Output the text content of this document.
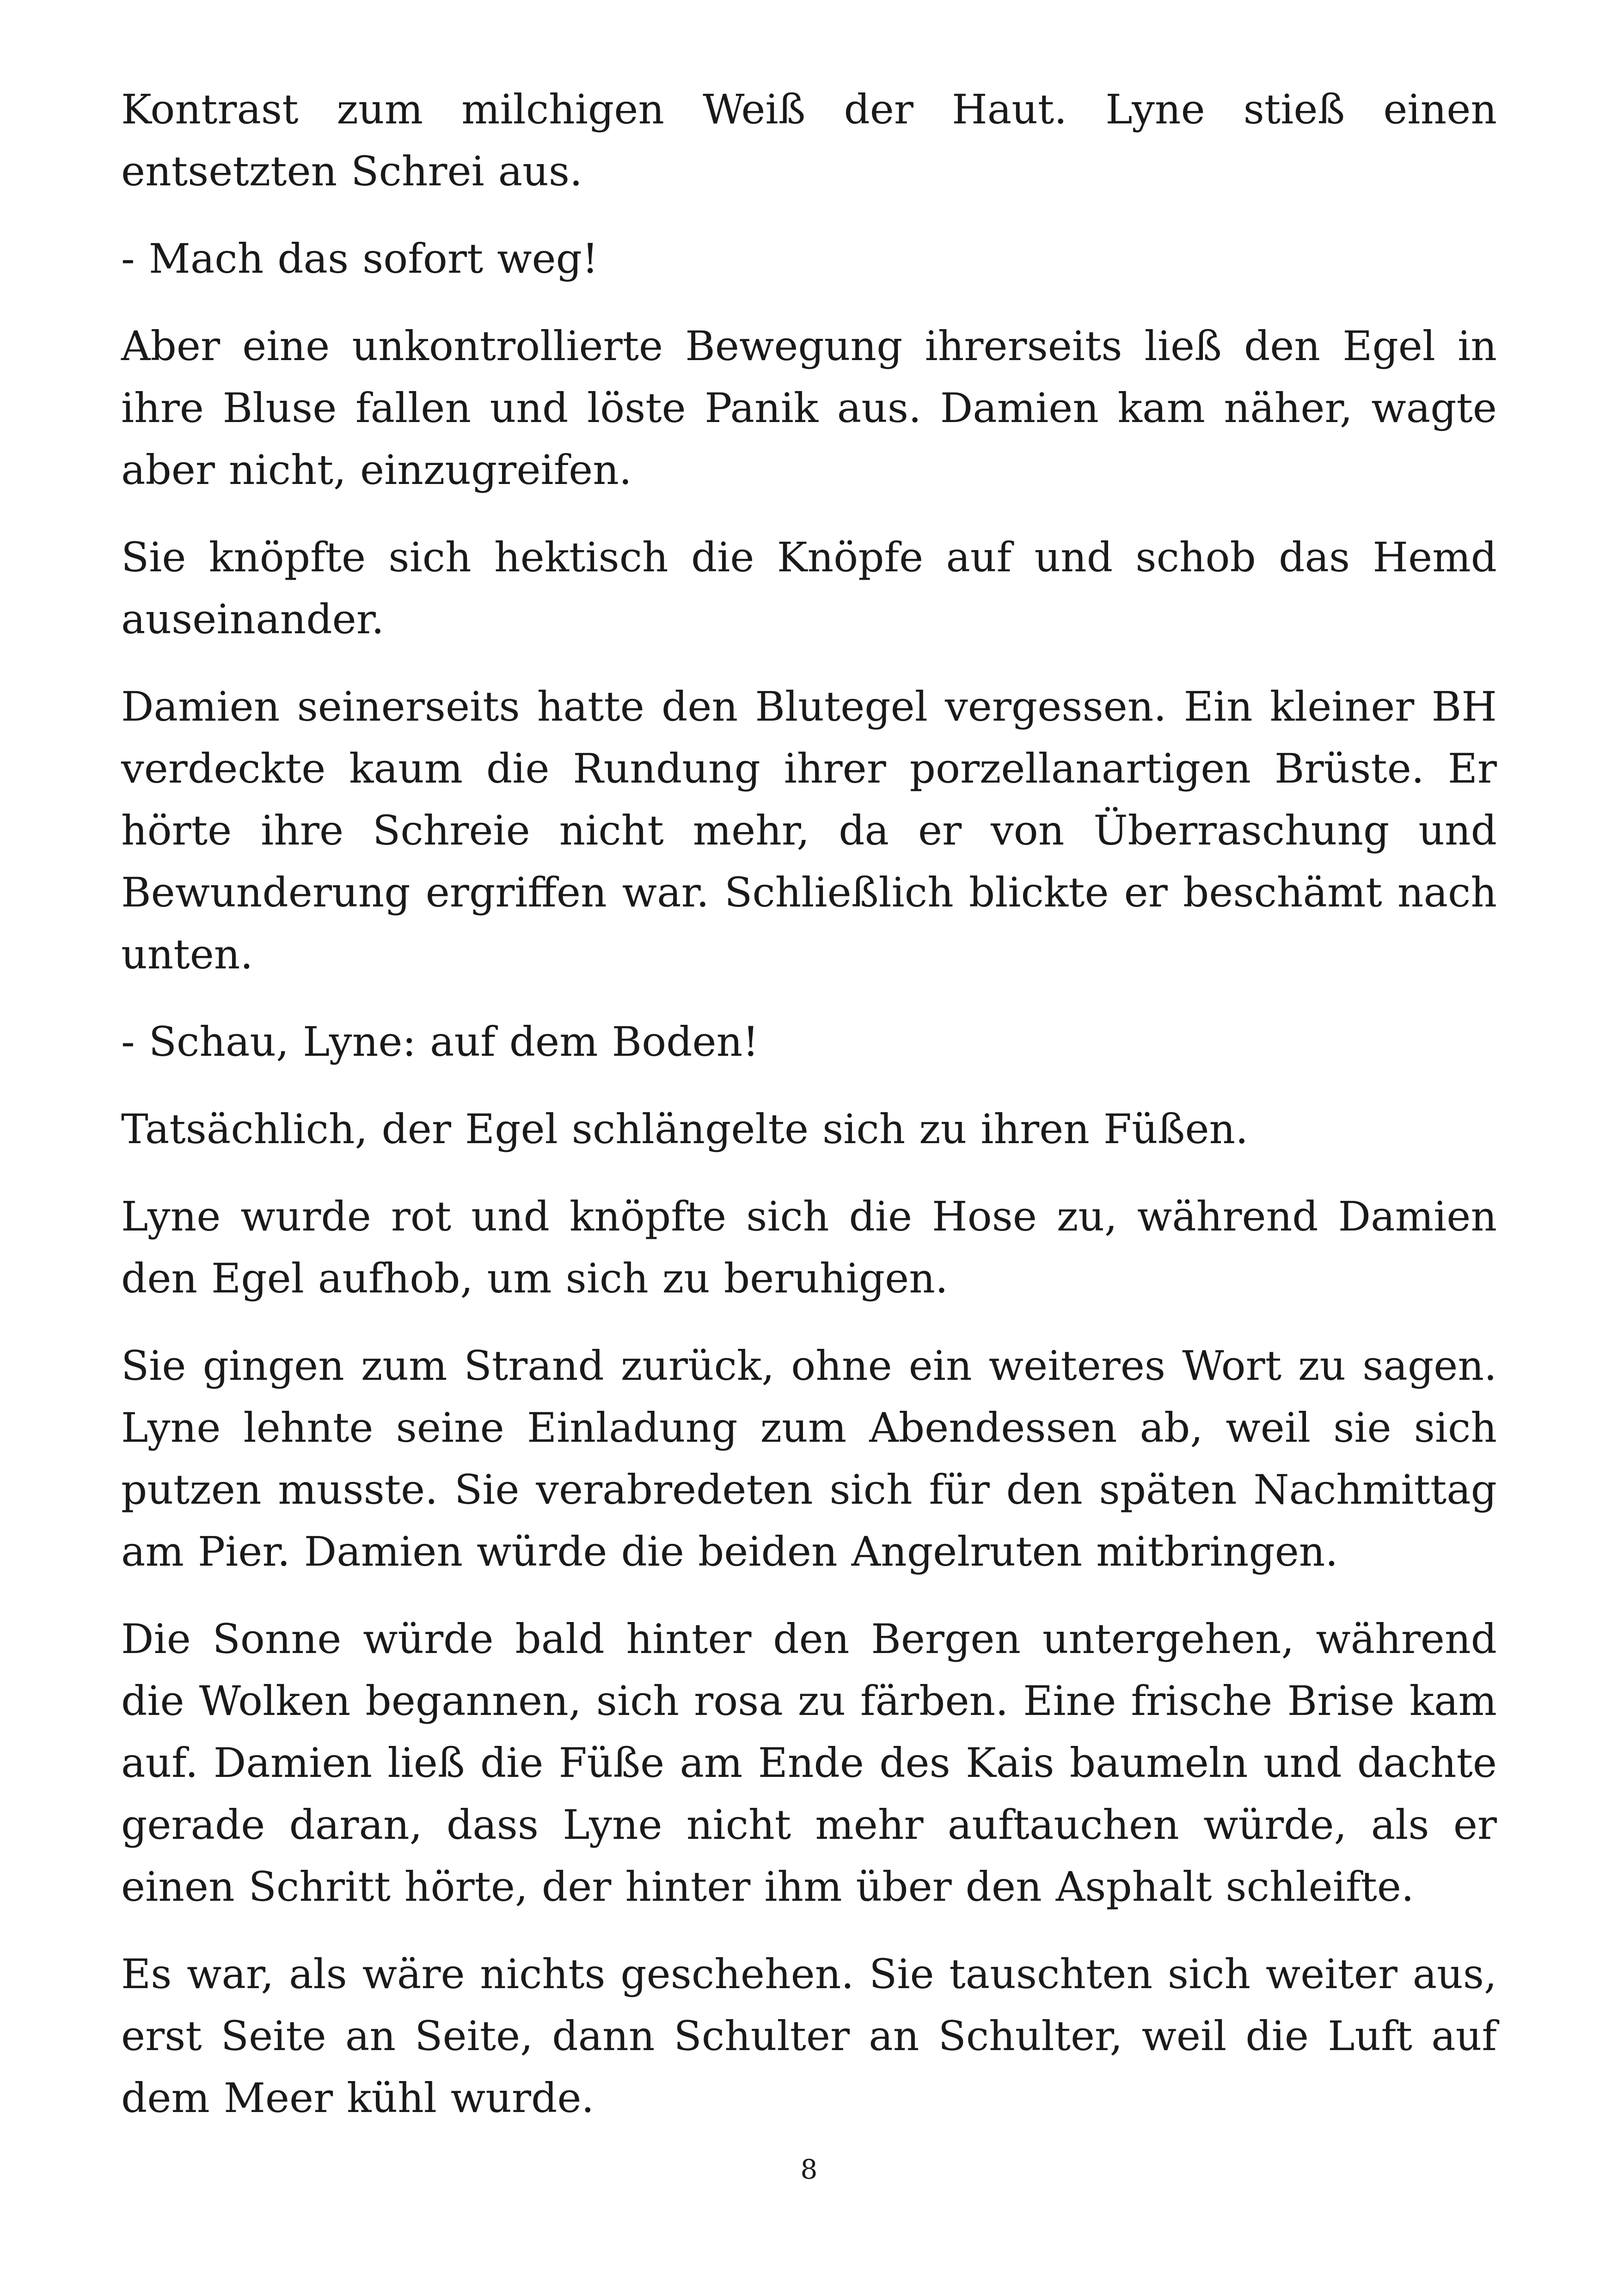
Kontrast zum milchigen Weiß der Haut. Lyne stieß einen entsetzten Schrei aus.

- Mach das sofort weg!

Aber eine unkontrollierte Bewegung ihrerseits ließ den Egel in ihre Bluse fallen und löste Panik aus. Damien kam näher, wagte aber nicht, einzugreifen.

Sie knöpfte sich hektisch die Knöpfe auf und schob das Hemd auseinander.

Damien seinerseits hatte den Blutegel vergessen. Ein kleiner BH verdeckte kaum die Rundung ihrer porzellanartigen Brüste. Er hörte ihre Schreie nicht mehr, da er von Überraschung und Bewunderung ergriffen war. Schließlich blickte er beschämt nach unten.

- Schau, Lyne: auf dem Boden!

Tatsächlich, der Egel schlängelte sich zu ihren Füßen.

Lyne wurde rot und knöpfte sich die Hose zu, während Damien den Egel aufhob, um sich zu beruhigen.

Sie gingen zum Strand zurück, ohne ein weiteres Wort zu sagen. Lyne lehnte seine Einladung zum Abendessen ab, weil sie sich putzen musste. Sie verabredeten sich für den späten Nachmittag am Pier. Damien würde die beiden Angelruten mitbringen.

Die Sonne würde bald hinter den Bergen untergehen, während die Wolken begannen, sich rosa zu färben. Eine frische Brise kam auf. Damien ließ die Füße am Ende des Kais baumeln und dachte gerade daran, dass Lyne nicht mehr auftauchen würde, als er einen Schritt hörte, der hinter ihm über den Asphalt schleifte.

Es war, als wäre nichts geschehen. Sie tauschten sich weiter aus, erst Seite an Seite, dann Schulter an Schulter, weil die Luft auf dem Meer kühl wurde.

8
